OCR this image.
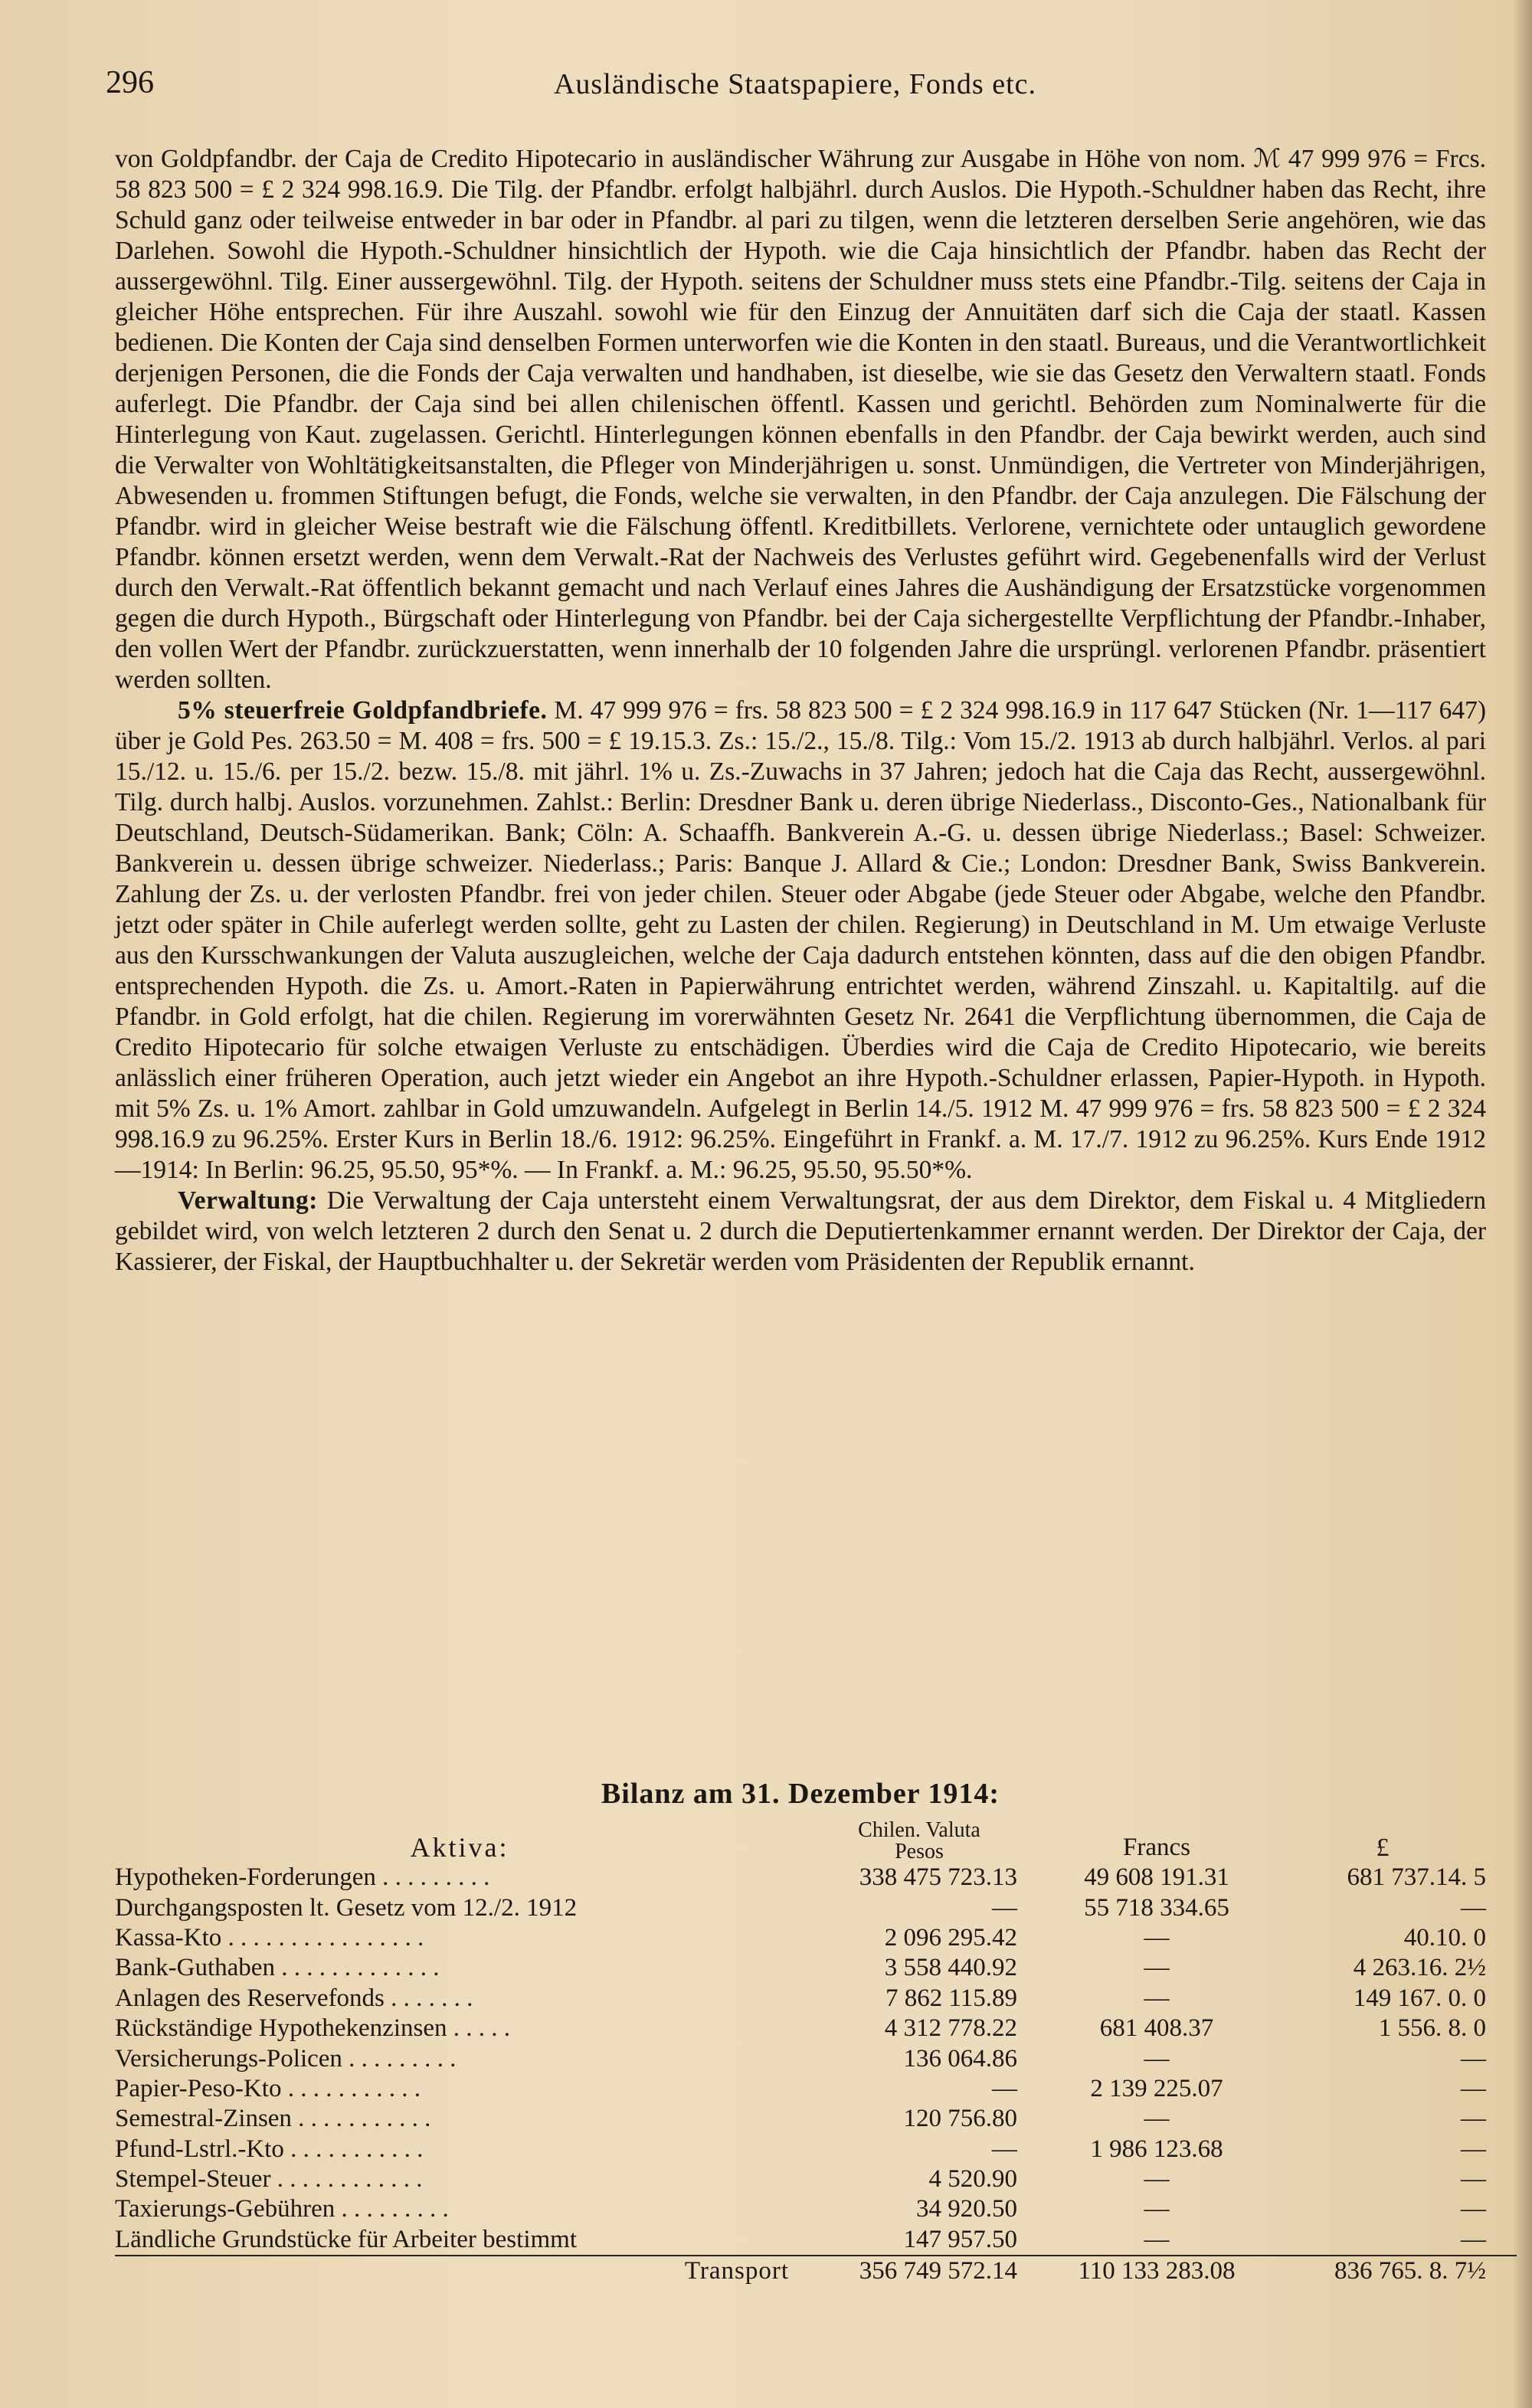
296	Ausländische Staatspapiere, Fonds etc.

von Goldpfandbr. der Caja de Credito Hipotecario in ausländischer Währung zur Ausgabe in Höhe von nom. ℳ 47 999 976 = Frcs. 58 823 500 = £ 2 324 998.16.9. Die Tilg. der Pfandbr. erfolgt halbjährl. durch Auslos. Die Hypoth.-Schuldner haben das Recht, ihre Schuld ganz oder teilweise entweder in bar oder in Pfandbr. al pari zu tilgen, wenn die letzteren derselben Serie angehören, wie das Darlehen. Sowohl die Hypoth.-Schuldner hinsichtlich der Hypoth. wie die Caja hinsichtlich der Pfandbr. haben das Recht der aussergewöhnl. Tilg. Einer aussergewöhnl. Tilg. der Hypoth. seitens der Schuldner muss stets eine Pfandbr.-Tilg. seitens der Caja in gleicher Höhe entsprechen. Für ihre Auszahl. sowohl wie für den Einzug der Annuitäten darf sich die Caja der staatl. Kassen bedienen. Die Konten der Caja sind denselben Formen unterworfen wie die Konten in den staatl. Bureaus, und die Verantwortlichkeit derjenigen Personen, die die Fonds der Caja verwalten und handhaben, ist dieselbe, wie sie das Gesetz den Verwaltern staatl. Fonds auferlegt. Die Pfandbr. der Caja sind bei allen chilenischen öffentl. Kassen und gerichtl. Behörden zum Nominalwerte für die Hinterlegung von Kaut. zugelassen. Gerichtl. Hinterlegungen können ebenfalls in den Pfandbr. der Caja bewirkt werden, auch sind die Verwalter von Wohltätigkeitsanstalten, die Pfleger von Minderjährigen u. sonst. Unmündigen, die Vertreter von Minderjährigen, Abwesenden u. frommen Stiftungen befugt, die Fonds, welche sie verwalten, in den Pfandbr. der Caja anzulegen. Die Fälschung der Pfandbr. wird in gleicher Weise bestraft wie die Fälschung öffentl. Kreditbillets. Verlorene, vernichtete oder untauglich gewordene Pfandbr. können ersetzt werden, wenn dem Verwalt.-Rat der Nachweis des Verlustes geführt wird. Gegebenenfalls wird der Verlust durch den Verwalt.-Rat öffentlich bekannt gemacht und nach Verlauf eines Jahres die Aushändigung der Ersatzstücke vorgenommen gegen die durch Hypoth., Bürgschaft oder Hinterlegung von Pfandbr. bei der Caja sichergestellte Verpflichtung der Pfandbr.-Inhaber, den vollen Wert der Pfandbr. zurückzuerstatten, wenn innerhalb der 10 folgenden Jahre die ursprüngl. verlorenen Pfandbr. präsentiert werden sollten.

5% steuerfreie Goldpfandbriefe. M. 47 999 976 = frs. 58 823 500 = £ 2 324 998.16.9 in 117 647 Stücken (Nr. 1—117 647) über je Gold Pes. 263.50 = M. 408 = frs. 500 = £ 19.15.3. Zs.: 15./2., 15./8. Tilg.: Vom 15./2. 1913 ab durch halbjährl. Verlos. al pari 15./12. u. 15./6. per 15./2. bezw. 15./8. mit jährl. 1% u. Zs.-Zuwachs in 37 Jahren; jedoch hat die Caja das Recht, aussergewöhnl. Tilg. durch halbj. Auslos. vorzunehmen. Zahlst.: Berlin: Dresdner Bank u. deren übrige Niederlass., Disconto-Ges., Nationalbank für Deutschland, Deutsch-Südamerikan. Bank; Cöln: A. Schaaffh. Bankverein A.-G. u. dessen übrige Niederlass.; Basel: Schweizer. Bankverein u. dessen übrige schweizer. Niederlass.; Paris: Banque J. Allard & Cie.; London: Dresdner Bank, Swiss Bankverein. Zahlung der Zs. u. der verlosten Pfandbr. frei von jeder chilen. Steuer oder Abgabe (jede Steuer oder Abgabe, welche den Pfandbr. jetzt oder später in Chile auferlegt werden sollte, geht zu Lasten der chilen. Regierung) in Deutschland in M. Um etwaige Verluste aus den Kursschwankungen der Valuta auszugleichen, welche der Caja dadurch entstehen könnten, dass auf die den obigen Pfandbr. entsprechenden Hypoth. die Zs. u. Amort.-Raten in Papierwährung entrichtet werden, während Zinszahl. u. Kapitaltilg. auf die Pfandbr. in Gold erfolgt, hat die chilen. Regierung im vorerwähnten Gesetz Nr. 2641 die Verpflichtung übernommen, die Caja de Credito Hipotecario für solche etwaigen Verluste zu entschädigen. Überdies wird die Caja de Credito Hipotecario, wie bereits anlässlich einer früheren Operation, auch jetzt wieder ein Angebot an ihre Hypoth.-Schuldner erlassen, Papier-Hypoth. in Hypoth. mit 5% Zs. u. 1% Amort. zahlbar in Gold umzuwandeln. Aufgelegt in Berlin 14./5. 1912 M. 47 999 976 = frs. 58 823 500 = £ 2 324 998.16.9 zu 96.25%. Erster Kurs in Berlin 18./6. 1912: 96.25%. Eingeführt in Frankf. a. M. 17./7. 1912 zu 96.25%. Kurs Ende 1912—1914: In Berlin: 96.25, 95.50, 95*%. — In Frankf. a. M.: 96.25, 95.50, 95.50*%.

Verwaltung: Die Verwaltung der Caja untersteht einem Verwaltungsrat, der aus dem Direktor, dem Fiskal u. 4 Mitgliedern gebildet wird, von welch letzteren 2 durch den Senat u. 2 durch die Deputiertenkammer ernannt werden. Der Direktor der Caja, der Kassierer, der Fiskal, der Hauptbuchhalter u. der Sekretär werden vom Präsidenten der Republik ernannt.

Bilanz am 31. Dezember 1914:
Aktiva:	Chilen. Valuta
Pesos	Francs	£
Hypotheken-Forderungen . . . . . . . . .	338 475 723.13	49 608 191.31	681 737.14. 5
Durchgangsposten lt. Gesetz vom 12./2. 1912	—	55 718 334.65	—
Kassa-Kto . . . . . . . . . . . . . . . .	2 096 295.42	—	40.10. 0
Bank-Guthaben . . . . . . . . . . . . .	3 558 440.92	—	4 263.16. 2½
Anlagen des Reservefonds . . . . . . .	7 862 115.89	—	149 167. 0. 0
Rückständige Hypothekenzinsen . . . . .	4 312 778.22	681 408.37	1 556. 8. 0
Versicherungs-Policen . . . . . . . . .	136 064.86	—	—
Papier-Peso-Kto . . . . . . . . . . .	—	2 139 225.07	—
Semestral-Zinsen . . . . . . . . . . .	120 756.80	—	—
Pfund-Lstrl.-Kto . . . . . . . . . . .	—	1 986 123.68	—
Stempel-Steuer . . . . . . . . . . . .	4 520.90	—	—
Taxierungs-Gebühren . . . . . . . . .	34 920.50	—	—
Ländliche Grundstücke für Arbeiter bestimmt	147 957.50	—	—
Transport	356 749 572.14	110 133 283.08	836 765. 8. 7½
